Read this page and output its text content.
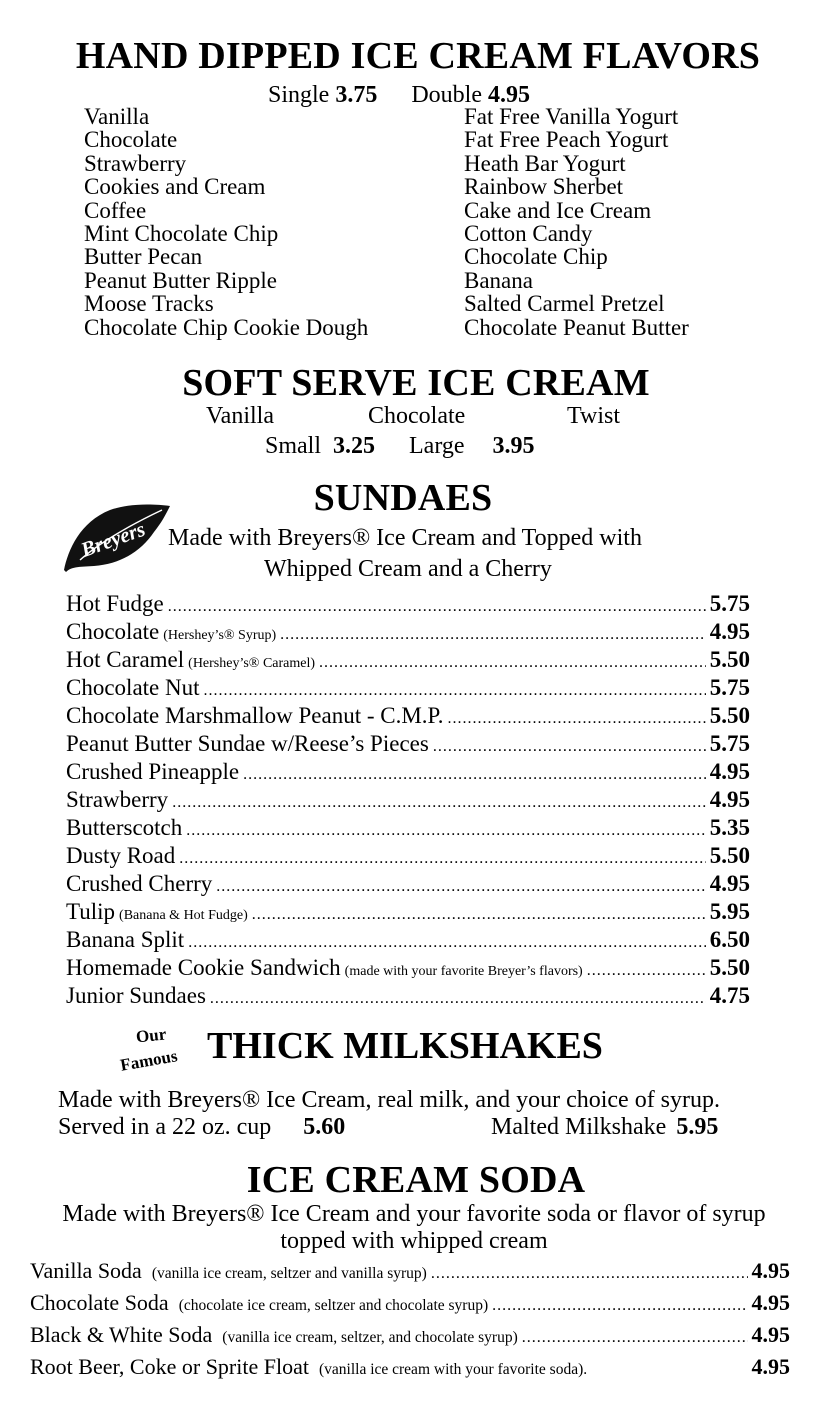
HAND DIPPED ICE CREAM FLAVORS
Single 3.75 Double 4.95
Vanilla
Chocolate
Strawberry
Cookies and Cream
Coffee
Mint Chocolate Chip
Butter Pecan
Peanut Butter Ripple
Moose Tracks
Chocolate Chip Cookie Dough
Fat Free Vanilla Yogurt
Fat Free Peach Yogurt
Heath Bar Yogurt
Rainbow Sherbet
Cake and Ice Cream
Cotton Candy
Chocolate Chip
Banana
Salted Carmel Pretzel
Chocolate Peanut Butter
SOFT SERVE ICE CREAM
Vanilla	Chocolate	Twist
Small 3.25 Large 3.95
SUNDAES
Breyers Made with Breyers® Ice Cream and Topped with
Whipped Cream and a Cherry
Hot Fudge .....	5.75
Chocolate (Hershey’s® Syrup) .....	4.95
Hot Caramel (Hershey’s® Caramel) .....	5.50
Chocolate Nut .....	5.75
Chocolate Marshmallow Peanut - C.M.P. .....	5.50
Peanut Butter Sundae w/Reese’s Pieces .....	5.75
Crushed Pineapple .....	4.95
Strawberry .....	4.95
Butterscotch .....	5.35
Dusty Road .....	5.50
Crushed Cherry .....	4.95
Tulip (Banana & Hot Fudge) .....	5.95
Banana Split .....	6.50
Homemade Cookie Sandwich (made with your favorite Breyer’s flavors) .....	5.50
Junior Sundaes .....	4.75
Our
Famous THICK MILKSHAKES
Made with Breyers® Ice Cream, real milk, and your choice of syrup.
Served in a 22 oz. cup 5.60	Malted Milkshake 5.95
ICE CREAM SODA
Made with Breyers® Ice Cream and your favorite soda or flavor of syrup
topped with whipped cream
Vanilla Soda (vanilla ice cream, seltzer and vanilla syrup) .....	4.95
Chocolate Soda (chocolate ice cream, seltzer and chocolate syrup) .....	4.95
Black & White Soda (vanilla ice cream, seltzer, and chocolate syrup) .....	4.95
Root Beer, Coke or Sprite Float (vanilla ice cream with your favorite soda).	4.95
